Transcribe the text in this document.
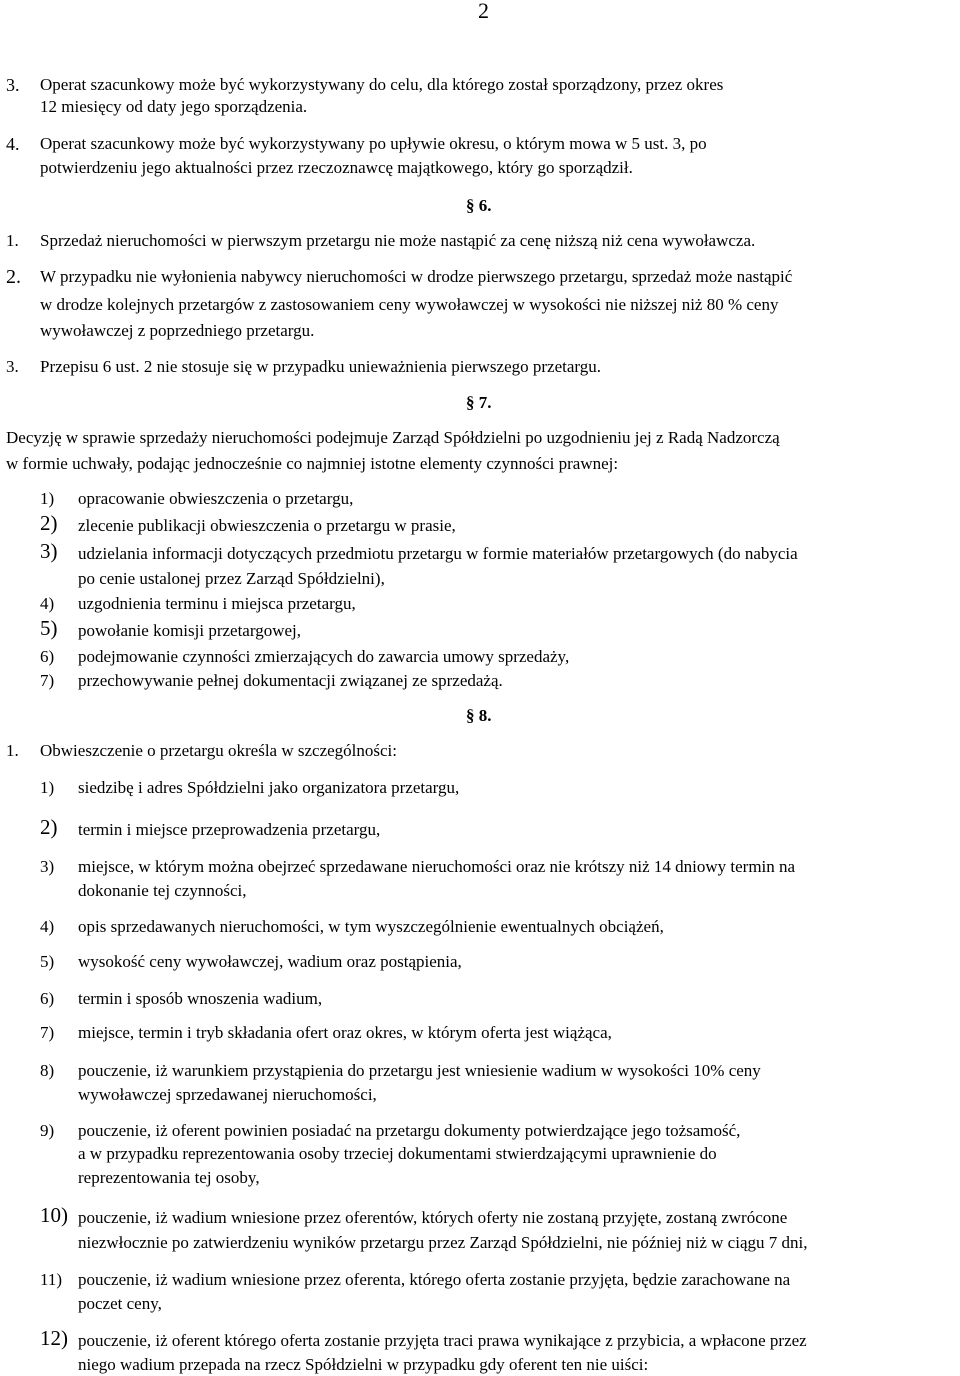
2
3. Operat szacunkowy może być wykorzystywany do celu, dla którego został sporządzony, przez okres
12 miesięcy od daty jego sporządzenia.
4. Operat szacunkowy może być wykorzystywany po upływie okresu, o którym mowa w 5 ust. 3, po
potwierdzeniu jego aktualności przez rzeczoznawcę majątkowego, który go sporządził.
§ 6.
1. Sprzedaż nieruchomości w pierwszym przetargu nie może nastąpić za cenę niższą niż cena wywoławcza.
2. W przypadku nie wyłonienia nabywcy nieruchomości w drodze pierwszego przetargu, sprzedaż może nastąpić
w drodze kolejnych przetargów z zastosowaniem ceny wywoławczej w wysokości nie niższej niż 80 % ceny
wywoławczej z poprzedniego przetargu.
3. Przepisu 6 ust. 2 nie stosuje się w przypadku unieważnienia pierwszego przetargu.
§ 7.
Decyzję w sprawie sprzedaży nieruchomości podejmuje Zarząd Spółdzielni po uzgodnieniu jej z Radą Nadzorczą
w formie uchwały, podając jednocześnie co najmniej istotne elementy czynności prawnej:
1) opracowanie obwieszczenia o przetargu,
2) zlecenie publikacji obwieszczenia o przetargu w prasie,
3) udzielania informacji dotyczących przedmiotu przetargu w formie materiałów przetargowych (do nabycia
po cenie ustalonej przez Zarząd Spółdzielni),
4) uzgodnienia terminu i miejsca przetargu,
5) powołanie komisji przetargowej,
6) podejmowanie czynności zmierzających do zawarcia umowy sprzedaży,
7) przechowywanie pełnej dokumentacji związanej ze sprzedażą.
§ 8.
1. Obwieszczenie o przetargu określa w szczególności:
1) siedzibę i adres Spółdzielni jako organizatora przetargu,
2) termin i miejsce przeprowadzenia przetargu,
3) miejsce, w którym można obejrzeć sprzedawane nieruchomości oraz nie krótszy niż 14 dniowy termin na
dokonanie tej czynności,
4) opis sprzedawanych nieruchomości, w tym wyszczególnienie ewentualnych obciążeń,
5) wysokość ceny wywoławczej, wadium oraz postąpienia,
6) termin i sposób wnoszenia wadium,
7) miejsce, termin i tryb składania ofert oraz okres, w którym oferta jest wiążąca,
8) pouczenie, iż warunkiem przystąpienia do przetargu jest wniesienie wadium w wysokości 10% ceny
wywoławczej sprzedawanej nieruchomości,
9) pouczenie, iż oferent powinien posiadać na przetargu dokumenty potwierdzające jego tożsamość,
a w przypadku reprezentowania osoby trzeciej dokumentami stwierdzającymi uprawnienie do
reprezentowania tej osoby,
10) pouczenie, iż wadium wniesione przez oferentów, których oferty nie zostaną przyjęte, zostaną zwrócone
niezwłocznie po zatwierdzeniu wyników przetargu przez Zarząd Spółdzielni, nie później niż w ciągu 7 dni,
11) pouczenie, iż wadium wniesione przez oferenta, którego oferta zostanie przyjęta, będzie zarachowane na
poczet ceny,
12) pouczenie, iż oferent którego oferta zostanie przyjęta traci prawa wynikające z przybicia, a wpłacone przez
niego wadium przepada na rzecz Spółdzielni w przypadku gdy oferent ten nie uiści:
